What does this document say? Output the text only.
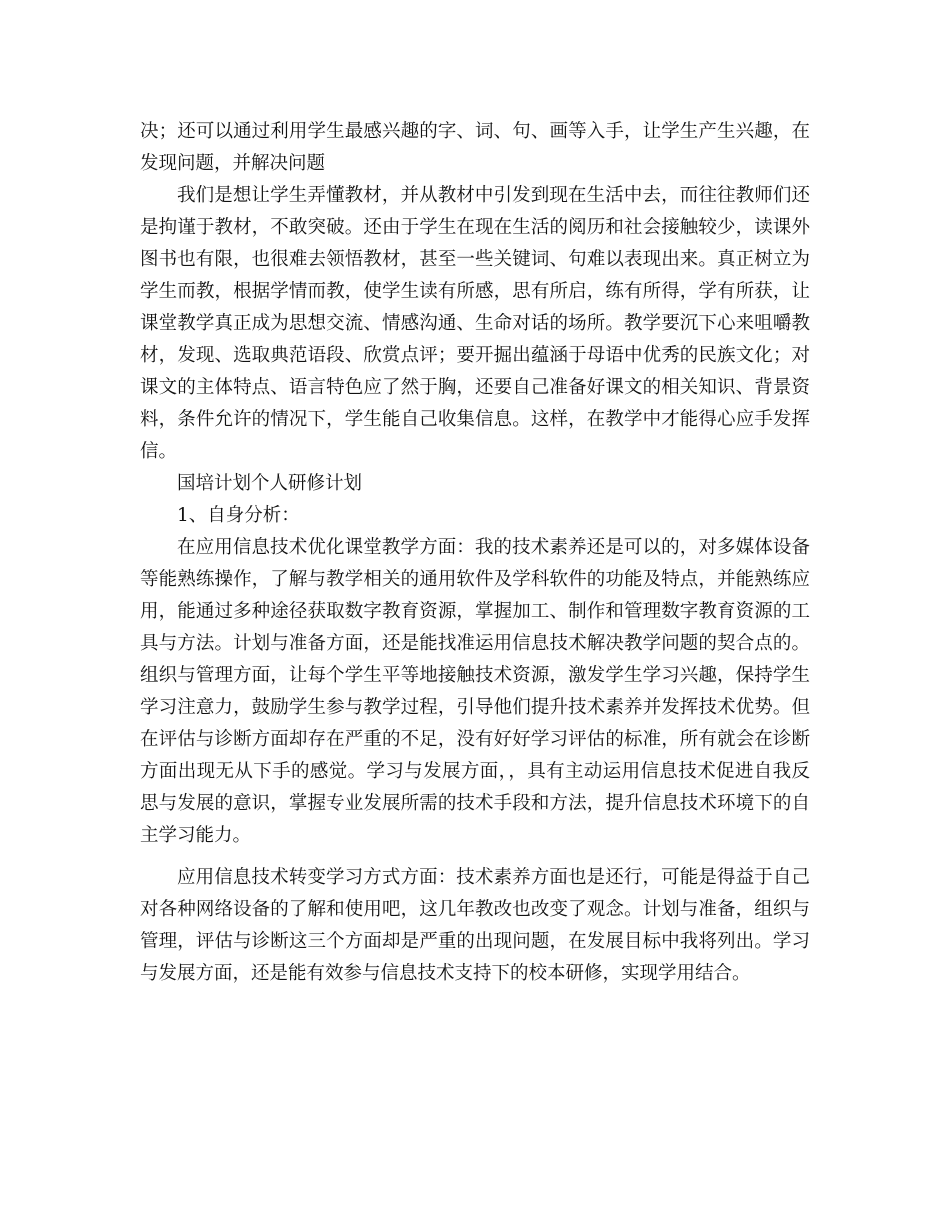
决；还可以通过利用学生最感兴趣的字、词、句、画等入手，让学生产生兴趣，在
发现问题，并解决问题
我们是想让学生弄懂教材，并从教材中引发到现在生活中去，而往往教师们还
是拘谨于教材，不敢突破。还由于学生在现在生活的阅历和社会接触较少，读课外
图书也有限，也很难去领悟教材，甚至一些关键词、句难以表现出来。真正树立为
学生而教，根据学情而教，使学生读有所感，思有所启，练有所得，学有所获，让
课堂教学真正成为思想交流、情感沟通、生命对话的场所。教学要沉下心来咀嚼教
材，发现、选取典范语段、欣赏点评；要开掘出蕴涵于母语中优秀的民族文化；对
课文的主体特点、语言特色应了然于胸，还要自己准备好课文的相关知识、背景资
料，条件允许的情况下，学生能自己收集信息。这样，在教学中才能得心应手发挥
信。
国培计划个人研修计划
1、自身分析：
在应用信息技术优化课堂教学方面：我的技术素养还是可以的，对多媒体设备
等能熟练操作，了解与教学相关的通用软件及学科软件的功能及特点，并能熟练应
用，能通过多种途径获取数字教育资源，掌握加工、制作和管理数字教育资源的工
具与方法。计划与准备方面，还是能找准运用信息技术解决教学问题的契合点的。
组织与管理方面，让每个学生平等地接触技术资源，激发学生学习兴趣，保持学生
学习注意力，鼓励学生参与教学过程，引导他们提升技术素养并发挥技术优势。但
在评估与诊断方面却存在严重的不足，没有好好学习评估的标准，所有就会在诊断
方面出现无从下手的感觉。学习与发展方面，，具有主动运用信息技术促进自我反
思与发展的意识，掌握专业发展所需的技术手段和方法，提升信息技术环境下的自
主学习能力。
应用信息技术转变学习方式方面：技术素养方面也是还行，可能是得益于自己
对各种网络设备的了解和使用吧，这几年教改也改变了观念。计划与准备，组织与
管理，评估与诊断这三个方面却是严重的出现问题，在发展目标中我将列出。学习
与发展方面，还是能有效参与信息技术支持下的校本研修，实现学用结合。
